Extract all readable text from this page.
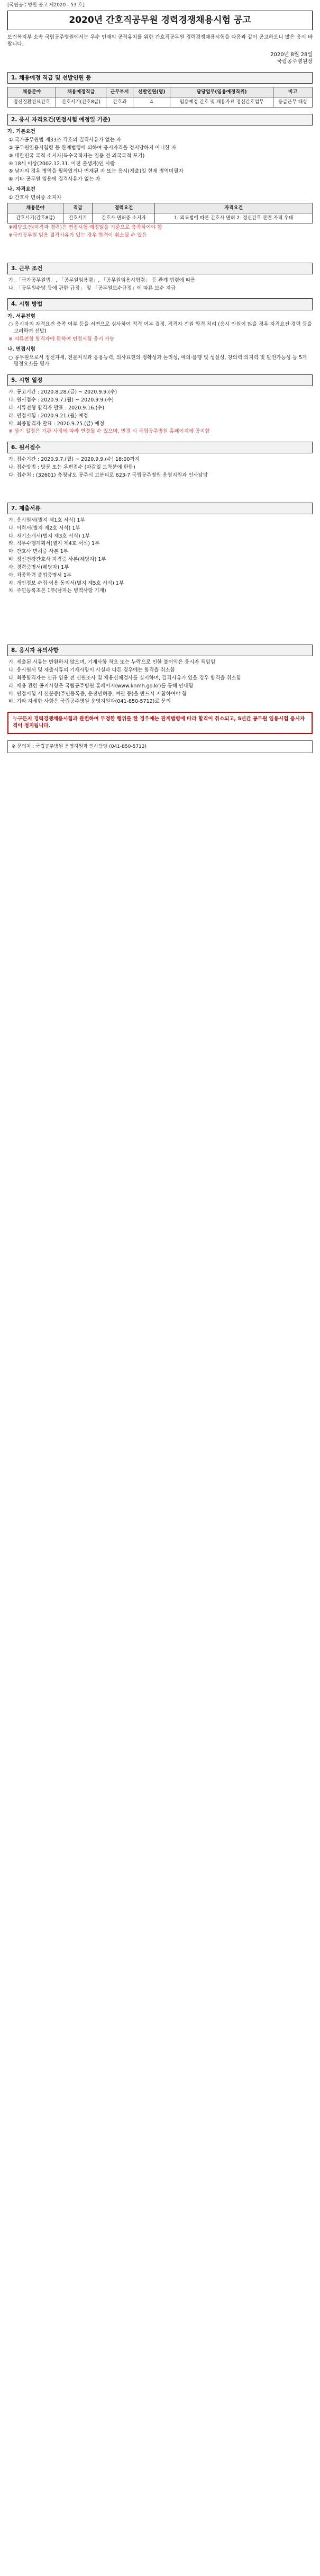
[국립공주병원 공고 제2020 - 53 호]
2020년 간호직공무원 경력경쟁채용시험 공고
보건복지부 소속 국립공주병원에서는 우수 인재의 공직유치를 위한 간호직공무원 경력경쟁채용시험을 다음과 같이 공고하오니 많은 응시 바랍니다.
2020년 8월 28일
국립공주병원장
1. 채용예정 직급 및 선발인원 등
채용분야	채용예정직급	근무부서	선발인원(명)	담당업무(임용예정직위)	비고
정신질환진료간호	간호서기(간호8급)	간호과	4	임용예정 간호 및 채용자료 정신간호업무	응급근무 대상
2. 응시 자격요건(면접시험 예정일 기준)
가. 기본요건
① 국가공무원법 제33조 각호의 결격사유가 없는 자
② 공무원임용시험령 등 관계법령에 의하여 응시자격을 정지당하지 아니한 자
③ 대한민국 국적 소지자(복수국적자는 임용 전 외국국적 포기)
④ 18세 이상(2002.12.31. 이전 출생자)인 사람
⑤ 남자의 경우 병역을 필하였거나 면제된 자 또는 응시(제출)일 현재 병역미필자
⑥ 기타 공무원 임용에 결격사유가 없는 자
나. 자격요건
① 간호사 면허증 소지자
채용분야	직급	경력요건	자격요건
간호서기(간호8급)	간호서기	간호사 면허증 소지자	1. 의료법에 따른 간호사 면허 2. 정신간호 관련 자격 우대
※해당요건(자격과 경력)은 면접시험 예정일을 기준으로 충족하여야 함
※국가공무원 임용 결격사유가 있는 경우 합격이 취소될 수 있음
3. 근무 조건
가. 「국가공무원법」, 「공무원임용령」, 「공무원임용시험령」 등 관계 법령에 따름
나. 「공무원수당 등에 관한 규정」 및 「공무원보수규정」에 따른 보수 지급
4. 시험 방법
가. 서류전형
○ 응시자의 자격요건 충족 여부 등을 서면으로 심사하여 적격 여부 결정. 적격자 전원 합격 처리 (응시 인원이 많을 경우 자격요건·경력 등을 고려하여 선발)
※ 서류전형 합격자에 한하여 면접시험 응시 가능
나. 면접시험
○ 공무원으로서 정신자세, 전문지식과 응용능력, 의사표현의 정확성과 논리성, 예의·품행 및 성실성, 창의력·의지력 및 발전가능성 등 5개 평정요소를 평가
5. 시험 일정
가. 공고기간 : 2020.8.28.(금) ~ 2020.9.9.(수)
나. 원서접수 : 2020.9.7.(월) ~ 2020.9.9.(수)
다. 서류전형 합격자 발표 : 2020.9.16.(수)
라. 면접시험 : 2020.9.21.(월) 예정
마. 최종합격자 발표 : 2020.9.25.(금) 예정
※ 상기 일정은 기관 사정에 따라 변경될 수 있으며, 변경 시 국립공주병원 홈페이지에 공지함
6. 원서접수
가. 접수기간 : 2020.9.7.(월) ~ 2020.9.9.(수) 18:00까지
나. 접수방법 : 방문 또는 우편접수 (마감일 도착분에 한함)
다. 접수처 : (32601) 충청남도 공주시 고분티로 623-7 국립공주병원 운영지원과 인사담당
7. 제출서류
가. 응시원서(별지 제1호 서식) 1부
나. 이력서(별지 제2호 서식) 1부
다. 자기소개서(별지 제3호 서식) 1부
라. 직무수행계획서(별지 제4호 서식) 1부
마. 간호사 면허증 사본 1부
바. 정신건강간호사 자격증 사본(해당자) 1부
사. 경력증명서(해당자) 1부
아. 최종학력 졸업증명서 1부
자. 개인정보 수집·이용 동의서(별지 제5호 서식) 1부
차. 주민등록초본 1부(남자는 병역사항 기재)
8. 응시자 유의사항
가. 제출된 서류는 반환하지 않으며, 기재사항 착오 또는 누락으로 인한 불이익은 응시자 책임임
나. 응시원서 및 제출서류의 기재사항이 사실과 다른 경우에는 합격을 취소함
다. 최종합격자는 신규 임용 전 신원조사 및 채용신체검사를 실시하며, 결격사유가 있을 경우 합격을 취소함
라. 채용 관련 공지사항은 국립공주병원 홈페이지(www.knmh.go.kr)를 통해 안내함
마. 면접시험 시 신분증(주민등록증, 운전면허증, 여권 등)을 반드시 지참하여야 함
바. 기타 자세한 사항은 국립공주병원 운영지원과(041-850-5712)로 문의
누구든지 경력경쟁채용시험과 관련하여 부정한 행위를 한 경우에는 관계법령에 따라 합격이 취소되고, 5년간 공무원 임용시험 응시자격이 정지됩니다.
※ 문의처 : 국립공주병원 운영지원과 인사담당 (041-850-5712)
